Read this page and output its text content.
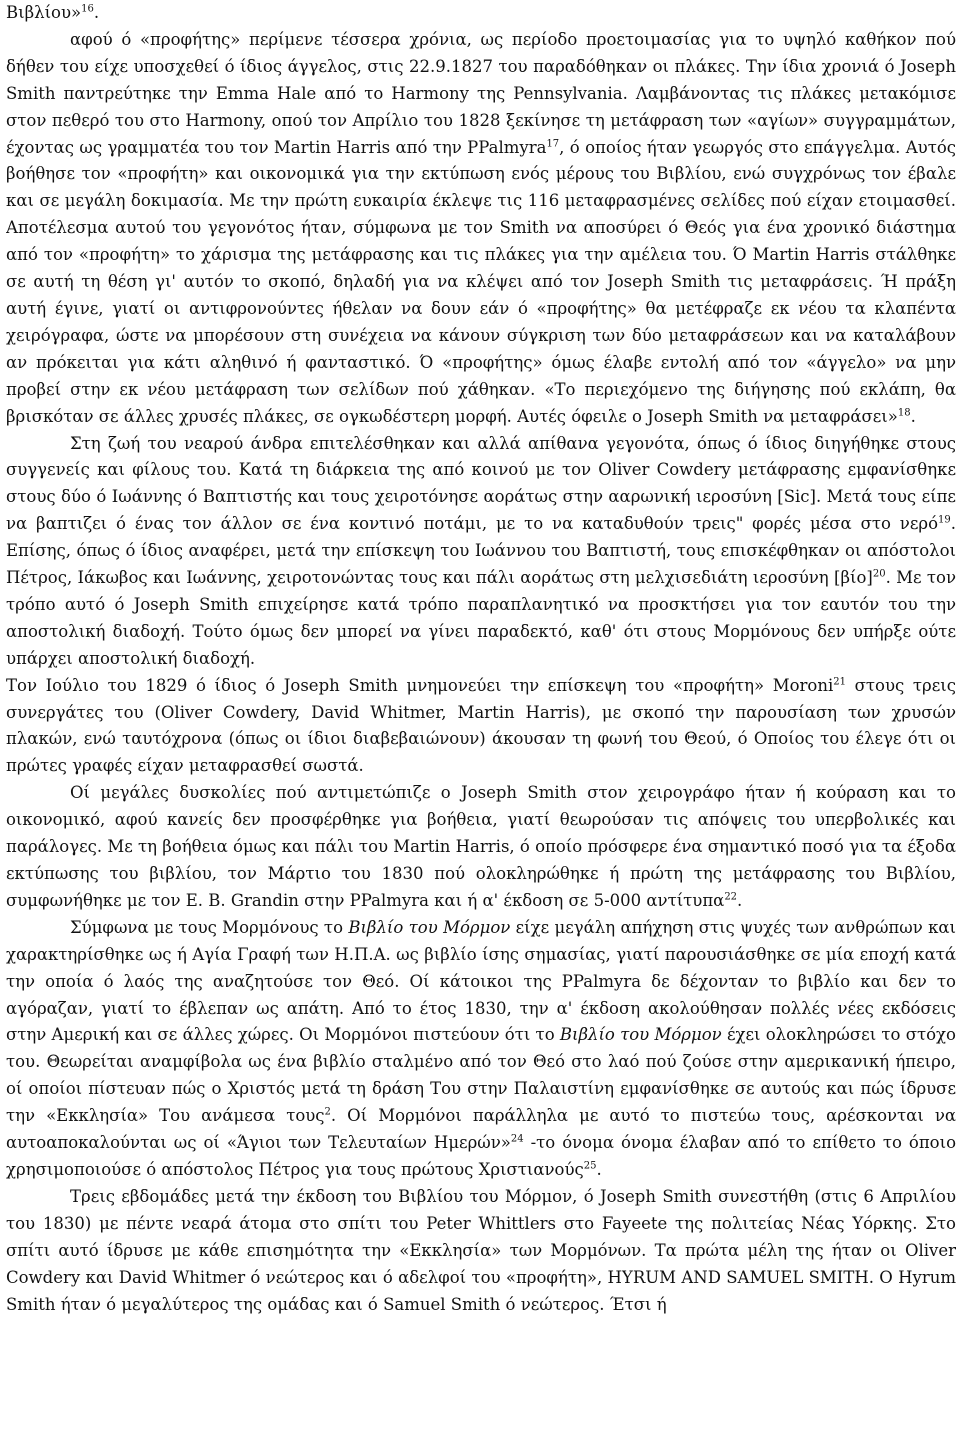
Βιβλίου»$^{16}$.

αφού ό «προφήτης» περίμενε τέσσερα χρόνια, ως περίοδο προετοιμασίας για το υψηλό καθήκον πού δήθεν του είχε υποσχεθεί ό ίδιος άγγελος, στις 22.9.1827 του παραδόθηκαν οι πλάκες. Την ίδια χρονιά ό Joseph Smith παντρεύτηκε την Emma Hale από το Harmony της Pennsylvania. Λαμβάνοντας τις πλάκες μετακόμισε στον πεθερό του στο Harmony, οπού τον Απρίλιο του 1828 ξεκίνησε τη μετάφραση των «αγίων» συγγραμμάτων, έχοντας ως γραμματέα του τον Martin Harris από την PPalmyra$^{17}$, ό οποίος ήταν γεωργός στο επάγγελμα. Αυτός βοήθησε τον «προφήτη» και οικονομικά για την εκτύπωση ενός μέρους του Βιβλίου, ενώ συγχρόνως τον έβαλε και σε μεγάλη δοκιμασία. Με την πρώτη ευκαιρία έκλεψε τις 116 μεταφρασμένες σελίδες πού είχαν ετοιμασθεί. Αποτέλεσμα αυτού του γεγονότος ήταν, σύμφωνα με τον Smith να αποσύρει ό Θεός για ένα χρονικό διάστημα από τον «προφήτη» το χάρισμα της μετάφρασης και τις πλάκες για την αμέλεια του. Ό Martin Harris στάλθηκε σε αυτή τη θέση γι' αυτόν το σκοπό, δηλαδή για να κλέψει από τον Joseph Smith τις μεταφράσεις. Ή πράξη αυτή έγινε, γιατί οι αντιφρονούντες ήθελαν να δουν εάν ό «προφήτης» θα μετέφραζε εκ νέου τα κλαπέντα χειρόγραφα, ώστε να μπορέσουν στη συνέχεια να κάνουν σύγκριση των δύο μεταφράσεων και να καταλάβουν αν πρόκειται για κάτι αληθινό ή φανταστικό. Ό «προφήτης» όμως έλαβε εντολή από τον «άγγελο» να μην προβεί στην εκ νέου μετάφραση των σελίδων πού χάθηκαν. «Το περιεχόμενο της διήγησης πού εκλάπη, θα βρισκόταν σε άλλες χρυσές πλάκες, σε ογκωδέστερη μορφή. Αυτές όφειλε ο Joseph Smith να μεταφράσει»$^{18}$.

Στη ζωή του νεαρού άνδρα επιτελέσθηκαν και αλλά απίθανα γεγονότα, όπως ό ίδιος διηγήθηκε στους συγγενείς και φίλους του. Κατά τη διάρκεια της από κοινού με τον Oliver Cowdery μετάφρασης εμφανίσθηκε στους δύο ό Ιωάννης ό Βαπτιστής και τους χειροτόνησε αοράτως στην ααρωνική ιεροσύνη [Sic]. Μετά τους είπε να βαπτιζει ό ένας τον άλλον σε ένα κοντινό ποτάμι, με το να καταδυθούν τρεις" φορές μέσα στο νερό$^{19}$. Επίσης, όπως ό ίδιος αναφέρει, μετά την επίσκεψη του Ιωάννου του Βαπτιστή, τους επισκέφθηκαν οι απόστολοι Πέτρος, Ιάκωβος και Ιωάννης, χειροτονώντας τους και πάλι αοράτως στη μελχισεδιάτη ιεροσύνη $[\beta ίo]^{20}$. Με τον τρόπο αυτό ό Joseph Smith επιχείρησε κατά τρόπο παραπλανητικό να προσκτήσει για τον εαυτόν του την αποστολική διαδοχή. Τούτο όμως δεν μπορεί να γίνει παραδεκτό, καθ' ότι στους Μορμόνους δεν υπήρξε ούτε υπάρχει αποστολική διαδοχή.

Τον Ιούλιο του 1829 ό ίδιος ό Joseph Smith μνημονεύει την επίσκεψη του «προφήτη» Moroni$^{21}$ στους τρεις συνεργάτες του (Oliver Cowdery, David Whitmer, Martin Harris), με σκοπό την παρουσίαση των χρυσών πλακών, ενώ ταυτόχρονα (όπως οι ίδιοι διαβεβαιώνουν) άκουσαν τη φωνή του Θεού, ό Οποίος του έλεγε ότι οι πρώτες γραφές είχαν μεταφρασθεί σωστά.

Οί μεγάλες δυσκολίες πού αντιμετώπιζε ο Joseph Smith στον χειρογράφο ήταν ή κούραση και το οικονομικό, αφού κανείς δεν προσφέρθηκε για βοήθεια, γιατί θεωρούσαν τις απόψεις του υπερβολικές και παράλογες. Με τη βοήθεια όμως και πάλι του Martin Harris, ό οποίο πρόσφερε ένα σημαντικό ποσό για τα έξοδα εκτύπωσης του βιβλίου, τον Μάρτιο του 1830 πού ολοκληρώθηκε ή πρώτη της μετάφρασης του Βιβλίου, συμφωνήθηκε με τον E. B. Grandin στην PPalmyra και ή α' έκδοση σε 5-000 αντίτυπα$^{22}$.

Σύμφωνα με τους Μορμόνους το Βιβλίο του Μόρμον είχε μεγάλη απήχηση στις ψυχές των ανθρώπων και χαρακτηρίσθηκε ως ή Αγία Γραφή των Η.Π.Α. ως βιβλίο ίσης σημασίας, γιατί παρουσιάσθηκε σε μία εποχή κατά την οποία ό λαός της αναζητούσε τον Θεό. Οί κάτοικοι της PPalmyra δε δέχονταν το βιβλίο και δεν το αγόραζαν, γιατί το έβλεπαν ως απάτη. Από το έτος 1830, την α' έκδοση ακολούθησαν πολλές νέες εκδόσεις στην Αμερική και σε άλλες χώρες. Οι Μορμόνοι πιστεύουν ότι το Βιβλίο του Μόρμον έχει ολοκληρώσει το στόχο του. Θεωρείται αναμφίβολα ως ένα βιβλίο σταλμένο από τον Θεό στο λαό πού ζούσε στην αμερικανική ήπειρο, οί οποίοι πίστευαν πώς ο Χριστός μετά τη δράση Του στην Παλαιστίνη εμφανίσθηκε σε αυτούς και πώς ίδρυσε την «Εκκλησία» Του ανάμεσα τους$^2$. Οί Μορμόνοι παράλληλα με αυτό το πιστεύω τους, αρέσκονται να αυτοαποκαλούνται ως οί «Άγιοι των Τελευταίων Ημερών»$^{24}$ -το όνομα όνομα έλαβαν από το επίθετο το όποιο χρησιμοποιούσε ό απόστολος Πέτρος για τους πρώτους Χριστιανούς$^{25}$.

Τρεις εβδομάδες μετά την έκδοση του Βιβλίου του Μόρμον, ό Joseph Smith συνεστήθη (στις 6 Απριλίου του 1830) με πέντε νεαρά άτομα στο σπίτι του Peter Whittlers στο Fayeete της πολιτείας Νέας Υόρκης. Στο σπίτι αυτό ίδρυσε με κάθε επισημότητα την «Εκκλησία» των Μορμόνων. Τα πρώτα μέλη της ήταν οι Oliver Cowdery και David Whitmer ό νεώτερος και ό αδελφοί του «προφήτη», HYRUM AND SAMUEL SMITH. Ο Hyrum Smith ήταν ό μεγαλύτερος της ομάδας και ό Samuel Smith ό νεώτερος. Έτσι ή
